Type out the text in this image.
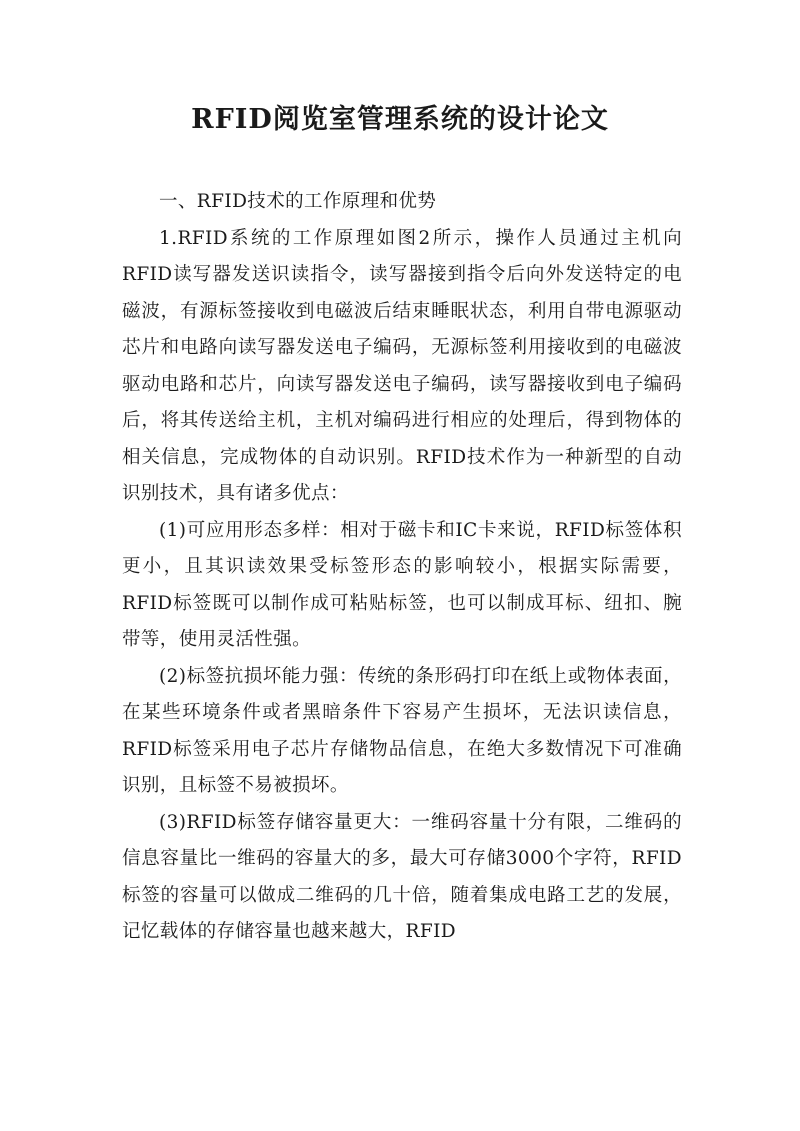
RFID阅览室管理系统的设计论文

一、RFID技术的工作原理和优势

1.RFID系统的工作原理如图2所示，操作人员通过主机向RFID读写器发送识读指令，读写器接到指令后向外发送特定的电磁波，有源标签接收到电磁波后结束睡眠状态，利用自带电源驱动芯片和电路向读写器发送电子编码，无源标签利用接收到的电磁波驱动电路和芯片，向读写器发送电子编码，读写器接收到电子编码后，将其传送给主机，主机对编码进行相应的处理后，得到物体的相关信息，完成物体的自动识别。RFID技术作为一种新型的自动识别技术，具有诸多优点：

(1)可应用形态多样：相对于磁卡和IC卡来说，RFID标签体积更小，且其识读效果受标签形态的影响较小，根据实际需要，RFID标签既可以制作成可粘贴标签，也可以制成耳标、纽扣、腕带等，使用灵活性强。

(2)标签抗损坏能力强：传统的条形码打印在纸上或物体表面，在某些环境条件或者黑暗条件下容易产生损坏，无法识读信息，RFID标签采用电子芯片存储物品信息，在绝大多数情况下可准确识别，且标签不易被损坏。

(3)RFID标签存储容量更大：一维码容量十分有限，二维码的信息容量比一维码的容量大的多，最大可存储3000个字符，RFID标签的容量可以做成二维码的几十倍，随着集成电路工艺的发展，记忆载体的存储容量也越来越大，RFID
